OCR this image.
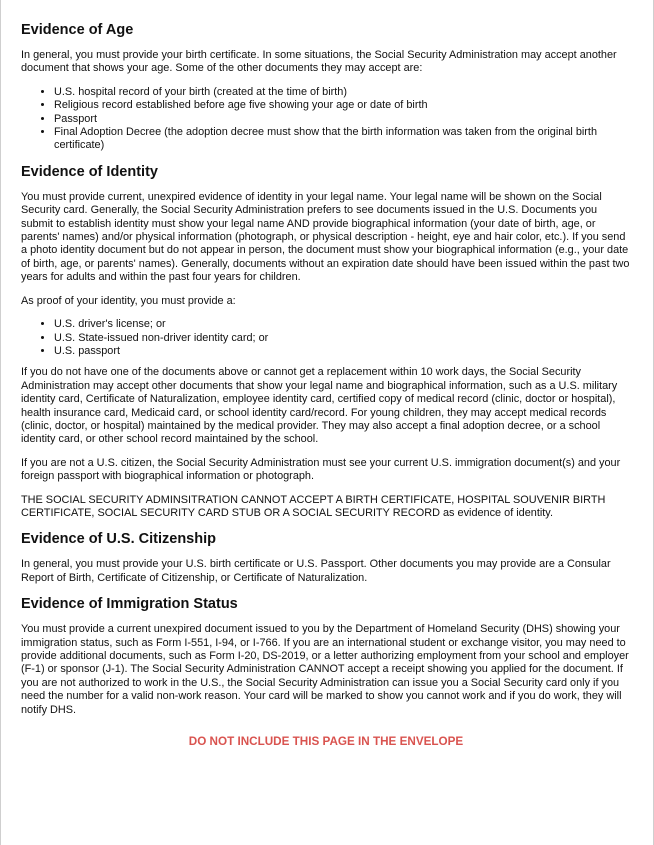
Evidence of Age

In general, you must provide your birth certificate. In some situations, the Social Security Administration may accept another document that shows your age. Some of the other documents they may accept are:

• U.S. hospital record of your birth (created at the time of birth)
• Religious record established before age five showing your age or date of birth
• Passport
• Final Adoption Decree (the adoption decree must show that the birth information was taken from the original birth certificate)
Evidence of Identity

You must provide current, unexpired evidence of identity in your legal name. Your legal name will be shown on the Social Security card. Generally, the Social Security Administration prefers to see documents issued in the U.S. Documents you submit to establish identity must show your legal name AND provide biographical information (your date of birth, age, or parents' names) and/or physical information (photograph, or physical description - height, eye and hair color, etc.). If you send a photo identity document but do not appear in person, the document must show your biographical information (e.g., your date of birth, age, or parents' names). Generally, documents without an expiration date should have been issued within the past two years for adults and within the past four years for children.

As proof of your identity, you must provide a:

• U.S. driver's license; or
• U.S. State-issued non-driver identity card; or
• U.S. passport

If you do not have one of the documents above or cannot get a replacement within 10 work days, the Social Security Administration may accept other documents that show your legal name and biographical information, such as a U.S. military identity card, Certificate of Naturalization, employee identity card, certified copy of medical record (clinic, doctor or hospital), health insurance card, Medicaid card, or school identity card/record. For young children, they may accept medical records (clinic, doctor, or hospital) maintained by the medical provider. They may also accept a final adoption decree, or a school identity card, or other school record maintained by the school.

If you are not a U.S. citizen, the Social Security Administration must see your current U.S. immigration document(s) and your foreign passport with biographical information or photograph.

THE SOCIAL SECURITY ADMINSITRATION CANNOT ACCEPT A BIRTH CERTIFICATE, HOSPITAL SOUVENIR BIRTH CERTIFICATE, SOCIAL SECURITY CARD STUB OR A SOCIAL SECURITY RECORD as evidence of identity.

Evidence of U.S. Citizenship

In general, you must provide your U.S. birth certificate or U.S. Passport. Other documents you may provide are a Consular Report of Birth, Certificate of Citizenship, or Certificate of Naturalization.

Evidence of Immigration Status

You must provide a current unexpired document issued to you by the Department of Homeland Security (DHS) showing your immigration status, such as Form I-551, I-94, or I-766. If you are an international student or exchange visitor, you may need to provide additional documents, such as Form I-20, DS-2019, or a letter authorizing employment from your school and employer (F-1) or sponsor (J-1). The Social Security Administration CANNOT accept a receipt showing you applied for the document. If you are not authorized to work in the U.S., the Social Security Administration can issue you a Social Security card only if you need the number for a valid non-work reason. Your card will be marked to show you cannot work and if you do work, they will notify DHS.

DO NOT INCLUDE THIS PAGE IN THE ENVELOPE
